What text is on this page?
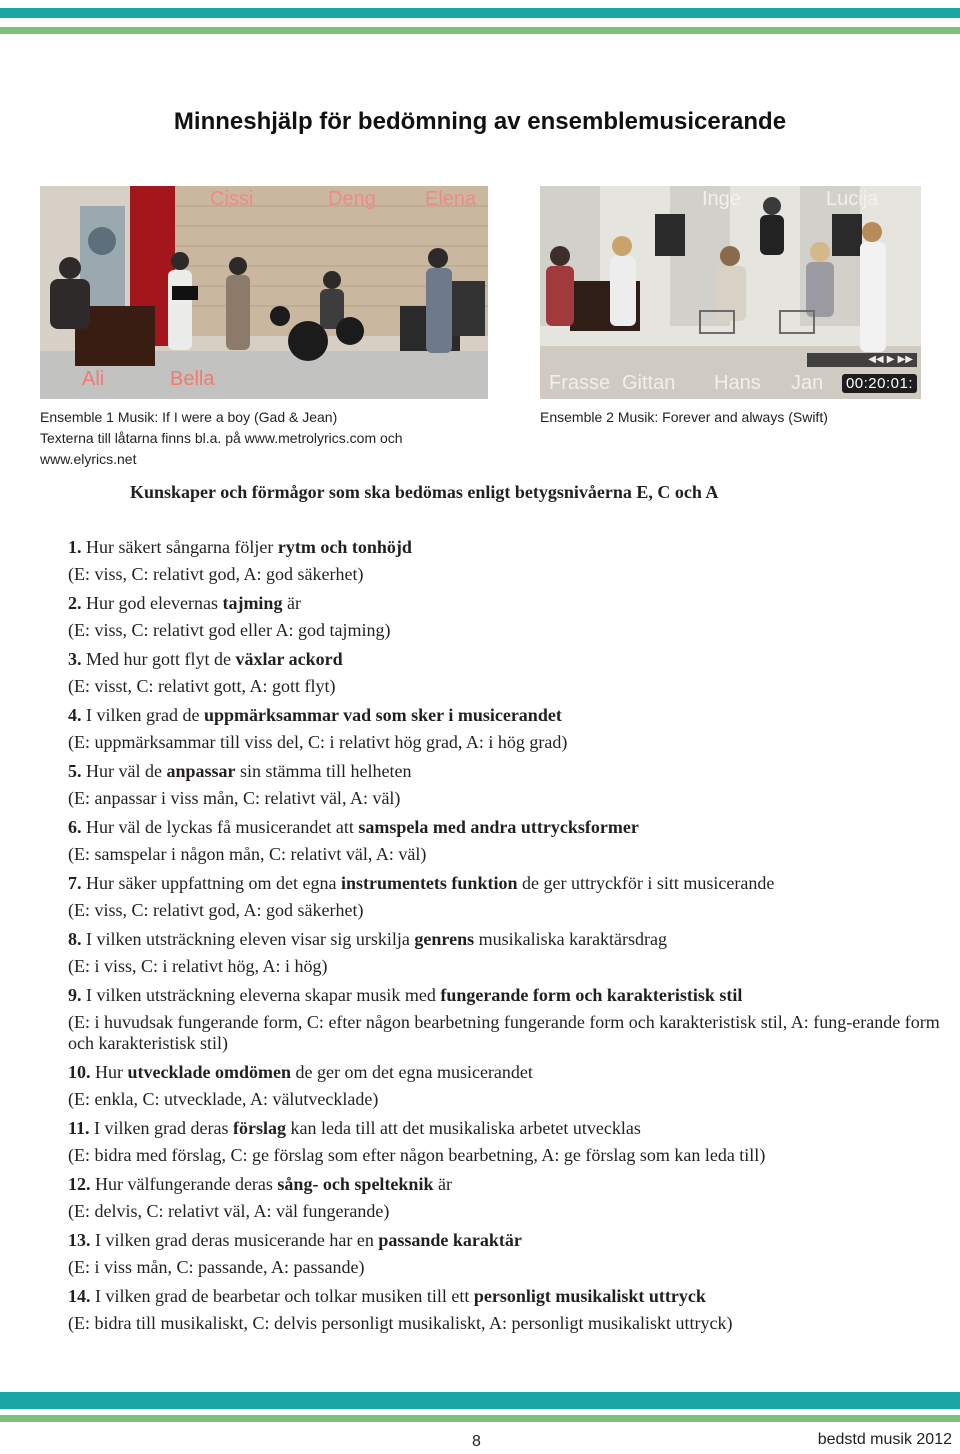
Minneshjälp för bedömning av ensemblemusicerande
Cissi	Deng Elena
Ali	Bella
Inge	Lucija
Frasse Gittan Hans Jan
◀◀ ▶ ▶▶
00:20:01:
Ensemble 1 Musik: If I were a boy (Gad & Jean)
Texterna till låtarna finns bl.a. på www.metrolyrics.com och
www.elyrics.net
Ensemble 2 Musik: Forever and always (Swift)
Kunskaper och förmågor som ska bedömas enligt betygsnivåerna E, C och A

1. Hur säkert sångarna följer rytm och tonhöjd

(E: viss, C: relativt god, A: god säkerhet)

2. Hur god elevernas tajming är

(E: viss, C: relativt god eller A: god tajming)

3. Med hur gott flyt de växlar ackord

(E: visst, C: relativt gott, A: gott flyt)

4. I vilken grad de uppmärksammar vad som sker i musicerandet

(E: uppmärksammar till viss del, C: i relativt hög grad, A: i hög grad)

5. Hur väl de anpassar sin stämma till helheten

(E: anpassar i viss mån, C: relativt väl, A: väl)

6. Hur väl de lyckas få musicerandet att samspela med andra uttrycksformer

(E: samspelar i någon mån, C: relativt väl, A: väl)

7. Hur säker uppfattning om det egna instrumentets funktion de ger uttryckför i sitt musicerande

(E: viss, C: relativt god, A: god säkerhet)

8. I vilken utsträckning eleven visar sig urskilja genrens musikaliska karaktärsdrag

(E: i viss, C: i relativt hög, A: i hög)

9. I vilken utsträckning eleverna skapar musik med fungerande form och karakteristisk stil

(E: i huvudsak fungerande form, C: efter någon bearbetning fungerande form och karakteristisk stil, A: fung-erande form och karakteristisk stil)

10. Hur utvecklade omdömen de ger om det egna musicerandet

(E: enkla, C: utvecklade, A: välutvecklade)

11. I vilken grad deras förslag kan leda till att det musikaliska arbetet utvecklas

(E: bidra med förslag, C: ge förslag som efter någon bearbetning, A: ge förslag som kan leda till)

12. Hur välfungerande deras sång- och spelteknik är

(E: delvis, C: relativt väl, A: väl fungerande)

13. I vilken grad deras musicerande har en passande karaktär

(E: i viss mån, C: passande, A: passande)

14. I vilken grad de bearbetar och tolkar musiken till ett personligt musikaliskt uttryck

(E: bidra till musikaliskt, C: delvis personligt musikaliskt, A: personligt musikaliskt uttryck)

8	bedstd musik 2012
